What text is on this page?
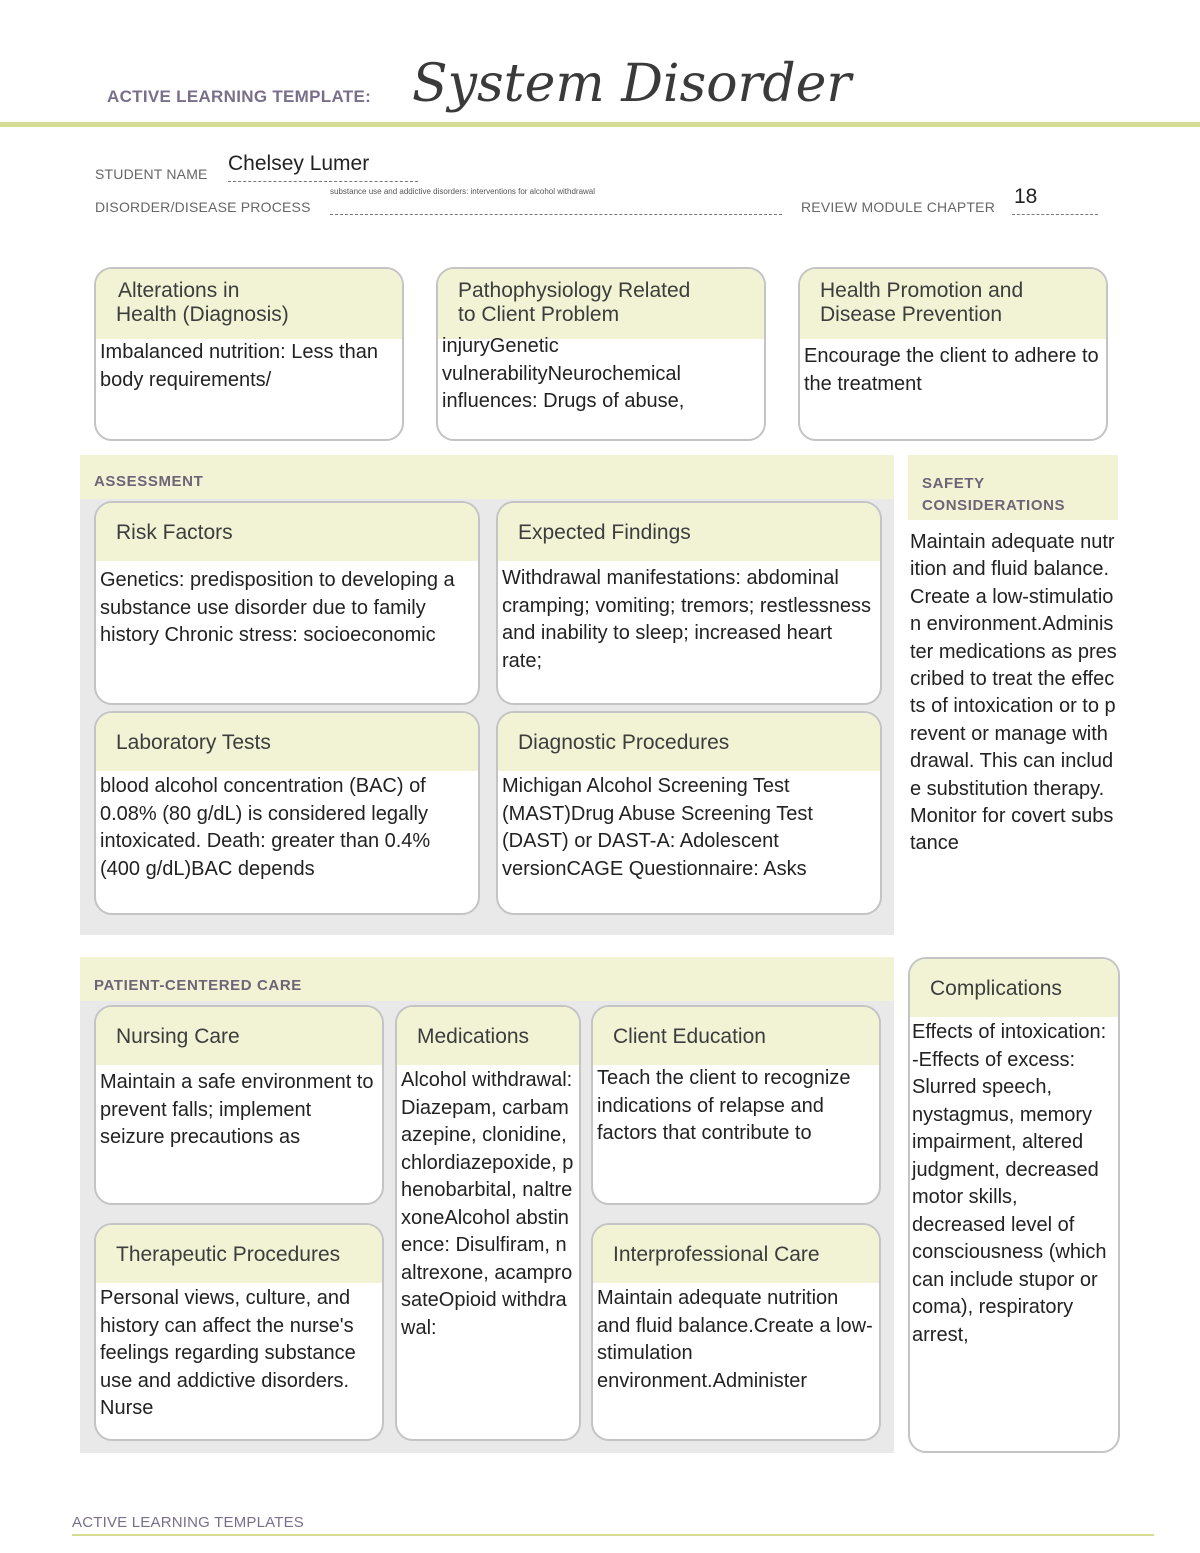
ACTIVE LEARNING TEMPLATE: System Disorder
STUDENT NAME Chelsey Lumer
DISORDER/DISEASE PROCESS
substance use and addictive disorders: interventions for alcohol withdrawal
REVIEW MODULE CHAPTER 18
Alterations in
Health (Diagnosis)
Imbalanced nutrition: Less than body requirements/
Pathophysiology Related
to Client Problem
injuryGenetic vulnerabilityNeurochemical influences: Drugs of abuse,
Health Promotion and
Disease Prevention
Encourage the client to adhere to the treatment
ASSESSMENT
Risk Factors
Genetics: predisposition to developing a substance use disorder due to family history Chronic stress: socioeconomic
Expected Findings
Withdrawal manifestations: abdominal cramping; vomiting; tremors; restlessness and inability to sleep; increased heart rate;
Laboratory Tests
blood alcohol concentration (BAC) of 0.08% (80 g/dL) is considered legally intoxicated. Death: greater than 0.4% (400 g/dL)BAC depends
Diagnostic Procedures
Michigan Alcohol Screening Test (MAST)Drug Abuse Screening Test (DAST) or DAST-A: Adolescent versionCAGE Questionnaire: Asks
SAFETY
CONSIDERATIONS
Maintain adequate nutrition and fluid balance.Create a low-stimulation environment.Administer medications as prescribed to treat the effects of intoxication or to prevent or manage withdrawal. This can include substitution therapy.Monitor for covert substance
PATIENT-CENTERED CARE
Nursing Care
Maintain a safe environment to prevent falls; implement seizure precautions as
Medications
Alcohol withdrawal: Diazepam, carbamazepine, clonidine, chlordiazepoxide, phenobarbital, naltrexoneAlcohol abstinence: Disulfiram, naltrexone, acamprosateOpioid withdrawal:
Client Education
Teach the client to recognize indications of relapse and factors that contribute to
Therapeutic Procedures
Personal views, culture, and history can affect the nurse's feelings regarding substance use and addictive disorders. Nurse
Interprofessional Care
Maintain adequate nutrition and fluid balance.Create a low-stimulation environment.Administer
Complications
Effects of intoxication: -Effects of excess: Slurred speech, nystagmus, memory impairment, altered judgment, decreased motor skills, decreased level of consciousness (which can include stupor or coma), respiratory arrest,
ACTIVE LEARNING TEMPLATES
